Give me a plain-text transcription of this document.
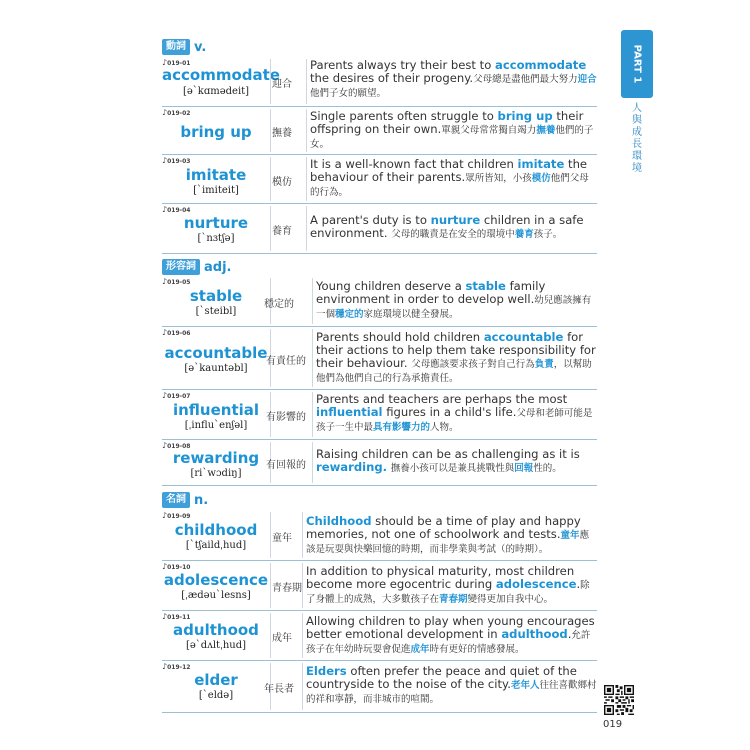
PART 1
人與成長環境
動詞 v.
形容詞 adj.
名詞 n.
♪019-01
accommodate
[ə`kɑmədeit]
迎合
Parents always try their best to accommodate the desires of their progeny.父母總是盡他們最大努力迎合他們子女的願望。
♪019-02
bring up	撫養
Single parents often struggle to bring up their offspring on their own.單親父母常常獨自竭力撫養他們的子女。
♪019-03
imitate
[`imiteit]
模仿
It is a well-known fact that children imitate the behaviour of their parents.眾所皆知，小孩模仿他們父母的行為。
♪019-04
nurture
[`nɜtʃə]
養育
A parent's duty is to nurture children in a safe environment. 父母的職責是在安全的環境中養育孩子。
♪019-05
stable
[`steibl]
穩定的
Young children deserve a stable family environment in order to develop well.幼兒應該擁有一個穩定的家庭環境以健全發展。
♪019-06
accountable
[ə`kauntəbl]
有責任的
Parents should hold children accountable for their actions to help them take responsibility for their behaviour. 父母應該要求孩子對自己行為負責，以幫助他們為他們自己的行為承擔責任。
♪019-07
influential
[ˌinflu`enʃəl]
有影響的
Parents and teachers are perhaps the most influential figures in a child's life.父母和老師可能是孩子一生中最具有影響力的人物。
♪019-08
rewarding
[ri`wɔdiŋ]
有回報的
Raising children can be as challenging as it is rewarding. 撫養小孩可以是兼具挑戰性與回報性的。
♪019-09
childhood
[`tʃaildˌhud]
童年
Childhood should be a time of play and happy memories, not one of schoolwork and tests.童年應該是玩耍與快樂回憶的時期，而非學業與考試（的時期）。
♪019-10
adolescence
[ˌædəu`lesns]
青春期
In addition to physical maturity, most children become more egocentric during adolescence.除了身體上的成熟，大多數孩子在青春期變得更加自我中心。
♪019-11
adulthood
[ə`dʌltˌhud]
成年
Allowing children to play when young encourages better emotional development in adulthood.允許孩子在年幼時玩耍會促進成年時有更好的情感發展。
♪019-12
elder
[`eldə]
年長者
Elders often prefer the peace and quiet of the countryside to the noise of the city.老年人往往喜歡鄉村的祥和寧靜，而非城市的喧鬧。
019
